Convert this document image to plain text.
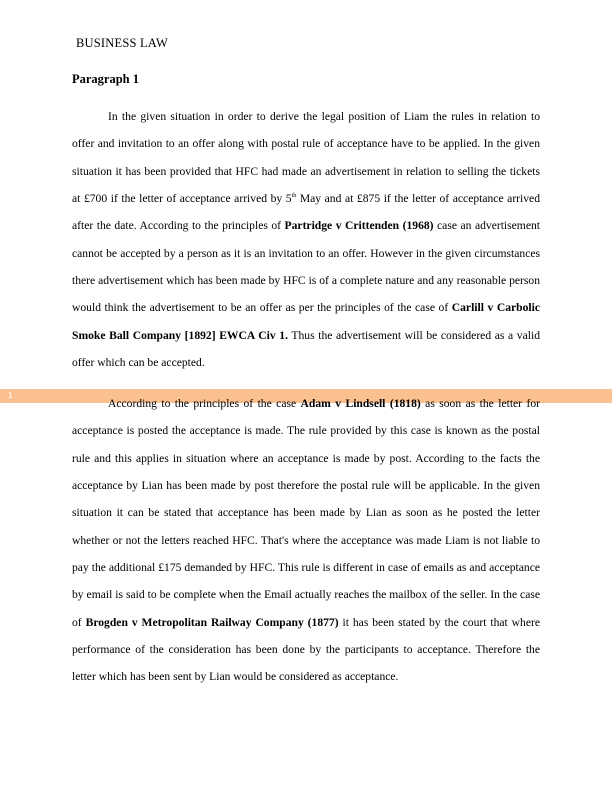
BUSINESS LAW
Paragraph 1

In the given situation in order to derive the legal position of Liam the rules in relation to offer and invitation to an offer along with postal rule of acceptance have to be applied. In the given situation it has been provided that HFC had made an advertisement in relation to selling the tickets at £700 if the letter of acceptance arrived by 5th May and at £875 if the letter of acceptance arrived after the date. According to the principles of Partridge v Crittenden (1968) case an advertisement cannot be accepted by a person as it is an invitation to an offer. However in the given circumstances there advertisement which has been made by HFC is of a complete nature and any reasonable person would think the advertisement to be an offer as per the principles of the case of Carlill v Carbolic Smoke Ball Company [1892] EWCA Civ 1. Thus the advertisement will be considered as a valid offer which can be accepted.

1

According to the principles of the case Adam v Lindsell (1818) as soon as the letter for acceptance is posted the acceptance is made. The rule provided by this case is known as the postal rule and this applies in situation where an acceptance is made by post. According to the facts the acceptance by Lian has been made by post therefore the postal rule will be applicable. In the given situation it can be stated that acceptance has been made by Lian as soon as he posted the letter whether or not the letters reached HFC. That's where the acceptance was made Liam is not liable to pay the additional £175 demanded by HFC. This rule is different in case of emails as and acceptance by email is said to be complete when the Email actually reaches the mailbox of the seller. In the case of Brogden v Metropolitan Railway Company (1877) it has been stated by the court that where performance of the consideration has been done by the participants to acceptance. Therefore the letter which has been sent by Lian would be considered as acceptance.
